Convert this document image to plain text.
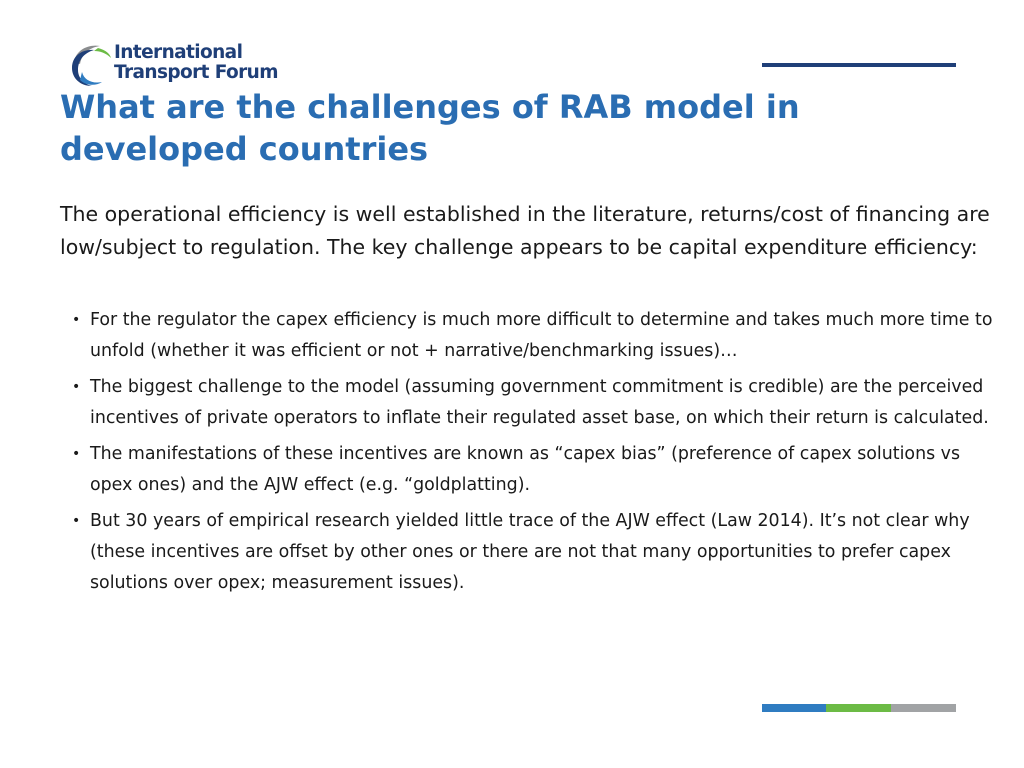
International
Transport Forum
What are the challenges of RAB model in developed countries

The operational efficiency is well established in the literature, returns/cost of financing are low/subject to regulation. The key challenge appears to be capital expenditure efficiency:

• For the regulator the capex efficiency is much more difficult to determine and takes much more time to unfold (whether it was efficient or not + narrative/benchmarking issues)…
• The biggest challenge to the model (assuming government commitment is credible) are the perceived incentives of private operators to inflate their regulated asset base, on which their return is calculated.
• The manifestations of these incentives are known as “capex bias” (preference of capex solutions vs opex ones) and the AJW effect (e.g. “goldplatting).
• But 30 years of empirical research yielded little trace of the AJW effect (Law 2014). It’s not clear why (these incentives are offset by other ones or there are not that many opportunities to prefer capex solutions over opex; measurement issues).
